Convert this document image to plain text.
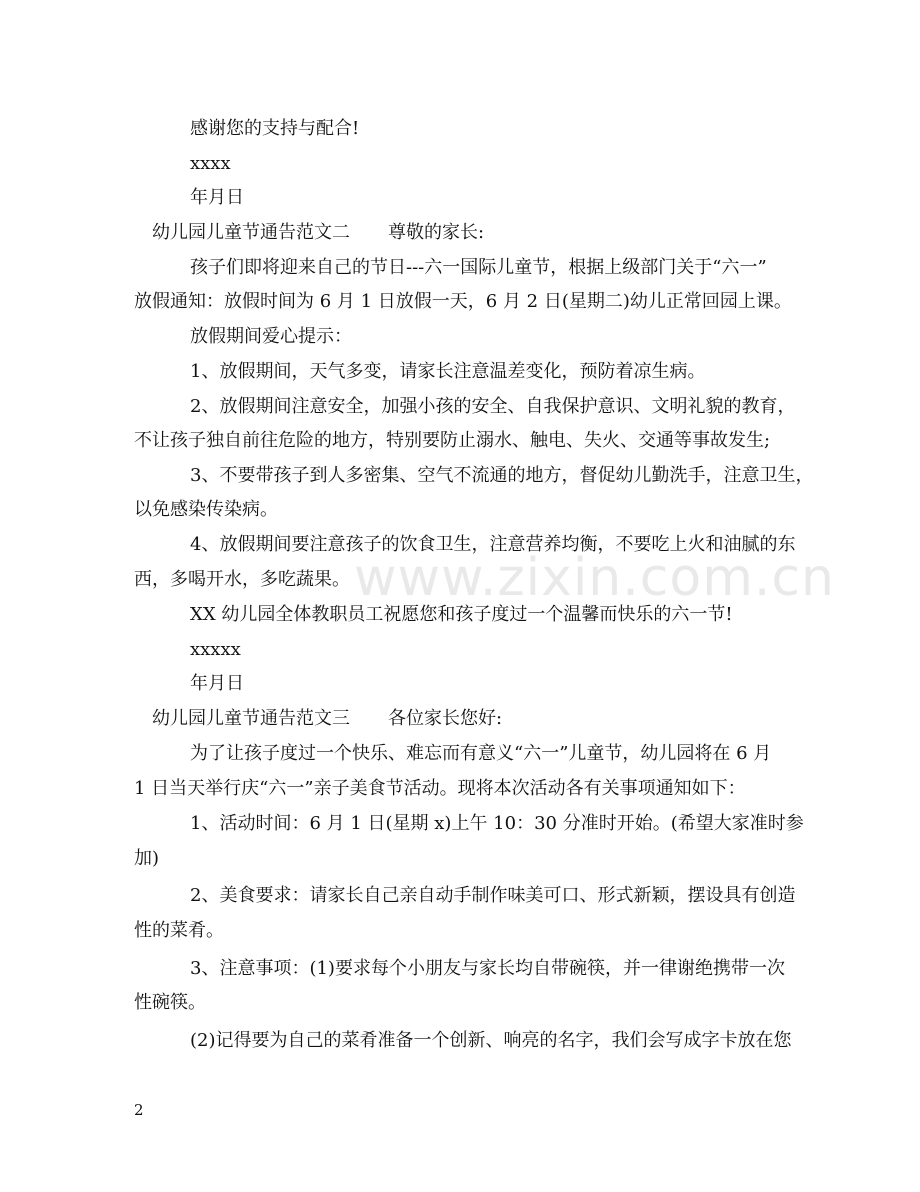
www.zixin.com.cn
感谢您的支持与配合!
xxxx
年月日
幼儿园儿童节通告范文二 尊敬的家长:
孩子们即将迎来自己的节日---六一国际儿童节，根据上级部门关于“六一”
放假通知：放假时间为 6 月 1 日放假一天，6 月 2 日(星期二)幼儿正常回园上课。
放假期间爱心提示：
1、放假期间，天气多变，请家长注意温差变化，预防着凉生病。
2、放假期间注意安全，加强小孩的安全、自我保护意识、文明礼貌的教育，
不让孩子独自前往危险的地方，特别要防止溺水、触电、失火、交通等事故发生;
3、不要带孩子到人多密集、空气不流通的地方，督促幼儿勤洗手，注意卫生，
以免感染传染病。
4、放假期间要注意孩子的饮食卫生，注意营养均衡，不要吃上火和油腻的东
西，多喝开水，多吃蔬果。
XX 幼儿园全体教职员工祝愿您和孩子度过一个温馨而快乐的六一节!
xxxxx
年月日
幼儿园儿童节通告范文三 各位家长您好:
为了让孩子度过一个快乐、难忘而有意义“六一”儿童节，幼儿园将在 6 月
1 日当天举行庆“六一”亲子美食节活动。现将本次活动各有关事项通知如下：
1、活动时间：6 月 1 日(星期 x)上午 10：30 分准时开始。(希望大家准时参
加)
2、美食要求：请家长自己亲自动手制作味美可口、形式新颖，摆设具有创造
性的菜肴。
3、注意事项：(1)要求每个小朋友与家长均自带碗筷，并一律谢绝携带一次
性碗筷。
(2)记得要为自己的菜肴准备一个创新、响亮的名字，我们会写成字卡放在您
2
